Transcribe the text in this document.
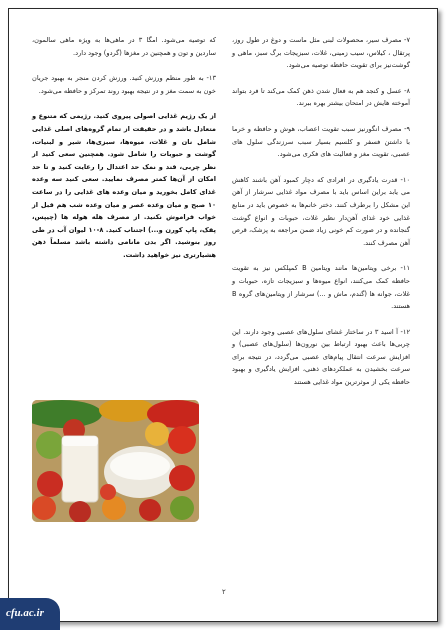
۷- مصرف سیر، محصولات لبنی مثل ماست و دوغ در طول روز، پرتقال ، کیلاس، سیب زمینی، غلات، سبزیجات برگ سبز، ماهی و گوشت‌نیز برای تقویت حافظه توصیه می‌شود.

۸- عسل و کنجد هم به فعال شدن ذهن کمک می‌کند تا فرد بتواند آموخته هایش در امتحان بیشتر بهره ببرند.

۹- مصرف انگور‌نیز سبب تقویت اعصاب، هوش و حافظه و خرما با داشتن فسفر و کلسیم بسیار سبب سرزندگی سلول های عصبی، تقویت مغز و فعالیت های فکری می‌شود.

۱۰- قدرت یادگیری در افرادی که دچار کمبود آهن باشند کاهش می یابد براین اساس باید با مصرف مواد غذایی سرشار از آهن این مشکل را برطرف کنند. دختر خانم‌ها به خصوص باید در منابع غذایی خود غذای آهن‌دار نظیر غلات، حبوبات و انواع گوشت گنجانده و در صورت کم خونی زیاد ضمن مراجعه به پزشک، قرص آهن مصرف کنند.

۱۱- برخی ویتامین‌ها مانند ویتامین B کمپلکس‌ نیز به تقویت حافظه کمک می‌کنند، انواع میوه‌ها و سبزیجات تازه، حبوبات و غلات، جوانه ها (گندم، ماش و ...) سرشار از ویتامین‌های گروه B هستند.

۱۲- آ‌ اسید ۳ در ساختار غشای سلول‌های عصبی وجود دارند. این چربی‌ها باعث بهبود ارتباط بین نورون‌ها (سلول‌های عصبی) و افزایش سرعت انتقال پیام‌های عصبی می‌گردد، در نتیجه برای سرعت بخشیدن به عملکردهای ذهنی، افزایش یادگیری و بهبود حافظه یکی از موثرترین مواد غذایی هستند

که توصیه می‌شود. امگا ۳ در ماهی‌ها به ویژه ماهی سالمون، ساردین و تون و همچنین در مغزها (گردو) وجود دارد.

۱۳- به طور منظم ورزش کنید. ورزش کردن منجر به بهبود جریان خون به سمت مغز و در نتیجه بهبود روند تمرکز و حافظه می‌شود.

از یک رژیم غذایی اصولی پیروی کنید. رژیمی که متنوع و متعادل باشد و در حقیقت از تمام گروه‌های اصلی غذایی شامل نان و غلات، میوه‌ها، سبزی‌ها، شیر و لبنیات، گوشت و حبوبات را شامل شود. همچنین سعی کنید از نظر چربی، قند و نمک حد اعتدال را رعایت کنید و تا حد امکان از آن‌ها کمتر مصرف نمایید. سعی کنید سه وعده غذای کامل بخورید و میان وعده های غذایی را در ساعت ۱۰ صبح و میان وعده عصر و میان وعده شب هم قبل از خواب فراموش نکنید. از مصرف هله هوله ها (چیپس، پفک، پاپ کورن و...) اجتناب کنید. ۸-۱۰ لیوان آب در طی روز بنوشید. اگر بدن مانامی داشته باشد مسلماً ذهن هشیارتری نیز خواهید داشت.

۲
cfu.ac.ir
